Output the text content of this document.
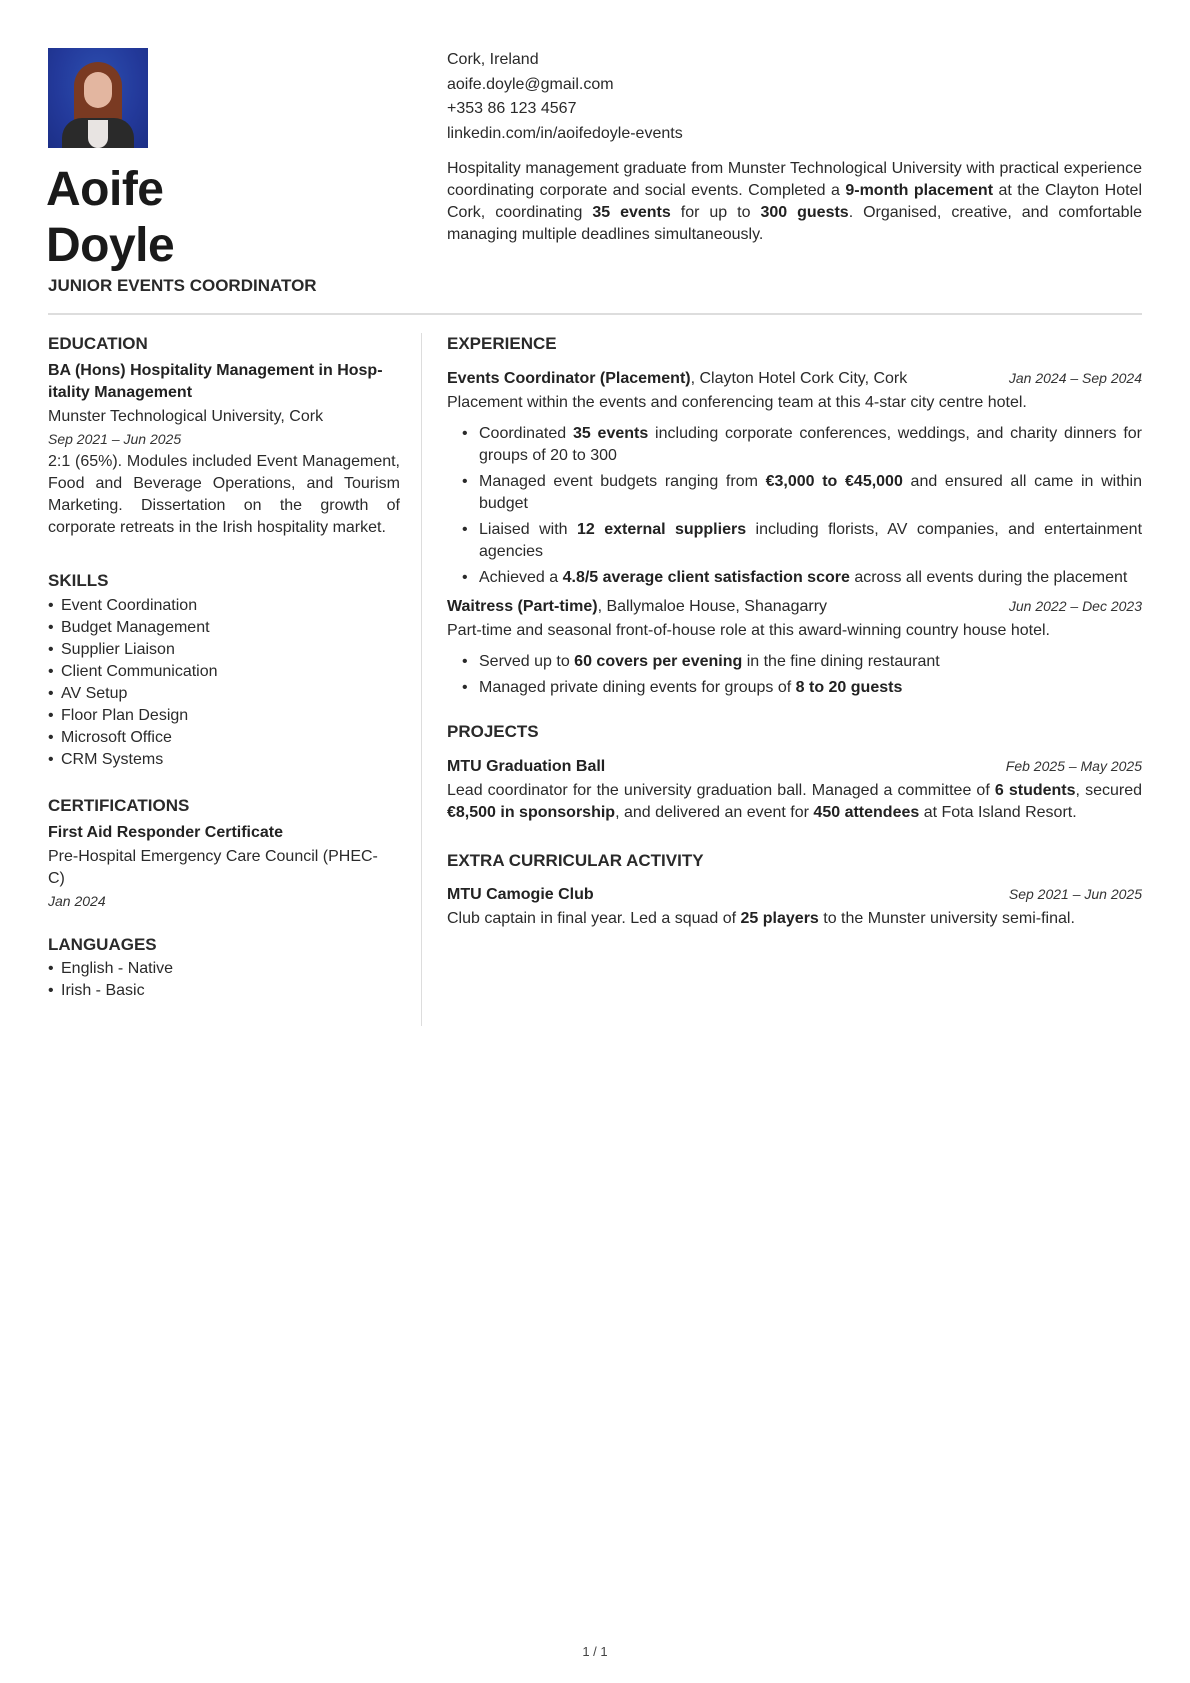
Aoife
Doyle
JUNIOR EVENTS COORDINATOR
Cork, Ireland
aoife.doyle@gmail.com
+353 86 123 4567
linkedin.com/in/aoifedoyle-events
Hospitality management graduate from Munster Technological University with practical experience coordinating corporate and social events. Completed a 9-month placement at the Clayton Hotel Cork, coordinating 35 events for up to 300 guests. Organised, creative, and comfortable managing multiple deadlines simultaneously.
EDUCATION
BA (Hons) Hospitality Management in Hospitality Management
Munster Technological University, Cork
Sep 2021 – Jun 2025
2:1 (65%). Modules included Event Management, Food and Beverage Operations, and Tourism Marketing. Dissertation on the growth of corporate retreats in the Irish hospitality market.
SKILLS
• Event Coordination
• Budget Management
• Supplier Liaison
• Client Communication
• AV Setup
• Floor Plan Design
• Microsoft Office
• CRM Systems
CERTIFICATIONS
First Aid Responder Certificate
Pre-Hospital Emergency Care Council (PHEC-C)
Jan 2024
LANGUAGES
• English - Native
• Irish - Basic
EXPERIENCE
Events Coordinator (Placement), Clayton Hotel Cork City, Cork	Jan 2024 – Sep 2024
Placement within the events and conferencing team at this 4-star city centre hotel.
• Coordinated 35 events including corporate conferences, weddings, and charity dinners for groups of 20 to 300
• Managed event budgets ranging from €3,000 to €45,000 and ensured all came in within budget
• Liaised with 12 external suppliers including florists, AV companies, and entertainment agencies
• Achieved a 4.8/5 average client satisfaction score across all events during the placement
Waitress (Part-time), Ballymaloe House, Shanagarry	Jun 2022 – Dec 2023
Part-time and seasonal front-of-house role at this award-winning country house hotel.
• Served up to 60 covers per evening in the fine dining restaurant
• Managed private dining events for groups of 8 to 20 guests
PROJECTS
MTU Graduation Ball	Feb 2025 – May 2025
Lead coordinator for the university graduation ball. Managed a committee of 6 students, secured €8,500 in sponsorship, and delivered an event for 450 attendees at Fota Island Resort.
EXTRA CURRICULAR ACTIVITY
MTU Camogie Club	Sep 2021 – Jun 2025
Club captain in final year. Led a squad of 25 players to the Munster university semi-final.
1 / 1
